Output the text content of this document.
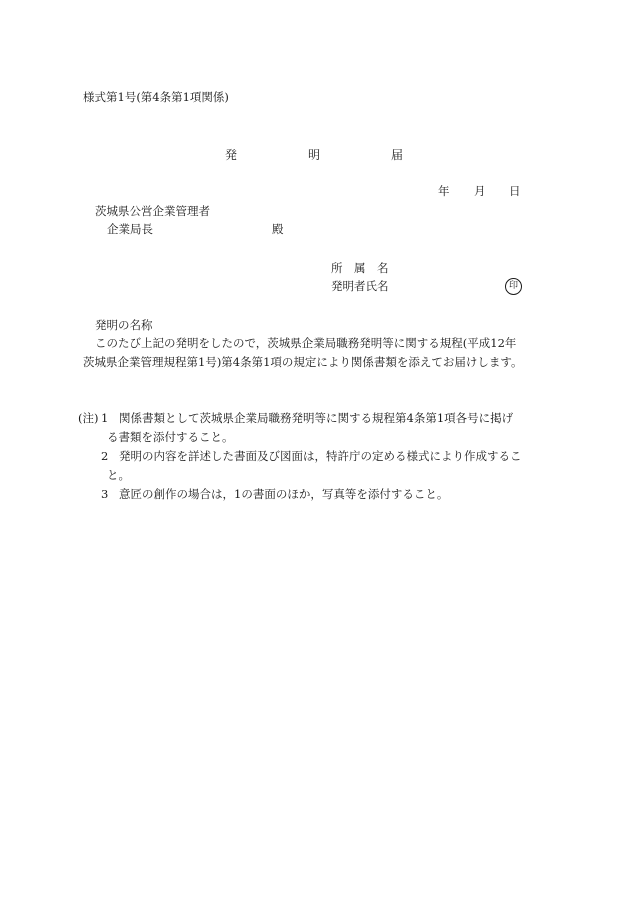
様式第1号(第4条第1項関係)
発	明	届
年 月 日
茨城県公営企業管理者
企業局長	殿
所　属　名
発明者氏名	印
発明の名称
このたび上記の発明をしたので，茨城県企業局職務発明等に関する規程(平成12年
茨城県企業管理規程第1号)第4条第1項の規定により関係書類を添えてお届けします。
(注) 1 関係書類として茨城県企業局職務発明等に関する規程第4条第1項各号に掲げ
る書類を添付すること。
2 発明の内容を詳述した書面及び図面は，特許庁の定める様式により作成するこ
と。
3 意匠の創作の場合は，1の書面のほか，写真等を添付すること。
